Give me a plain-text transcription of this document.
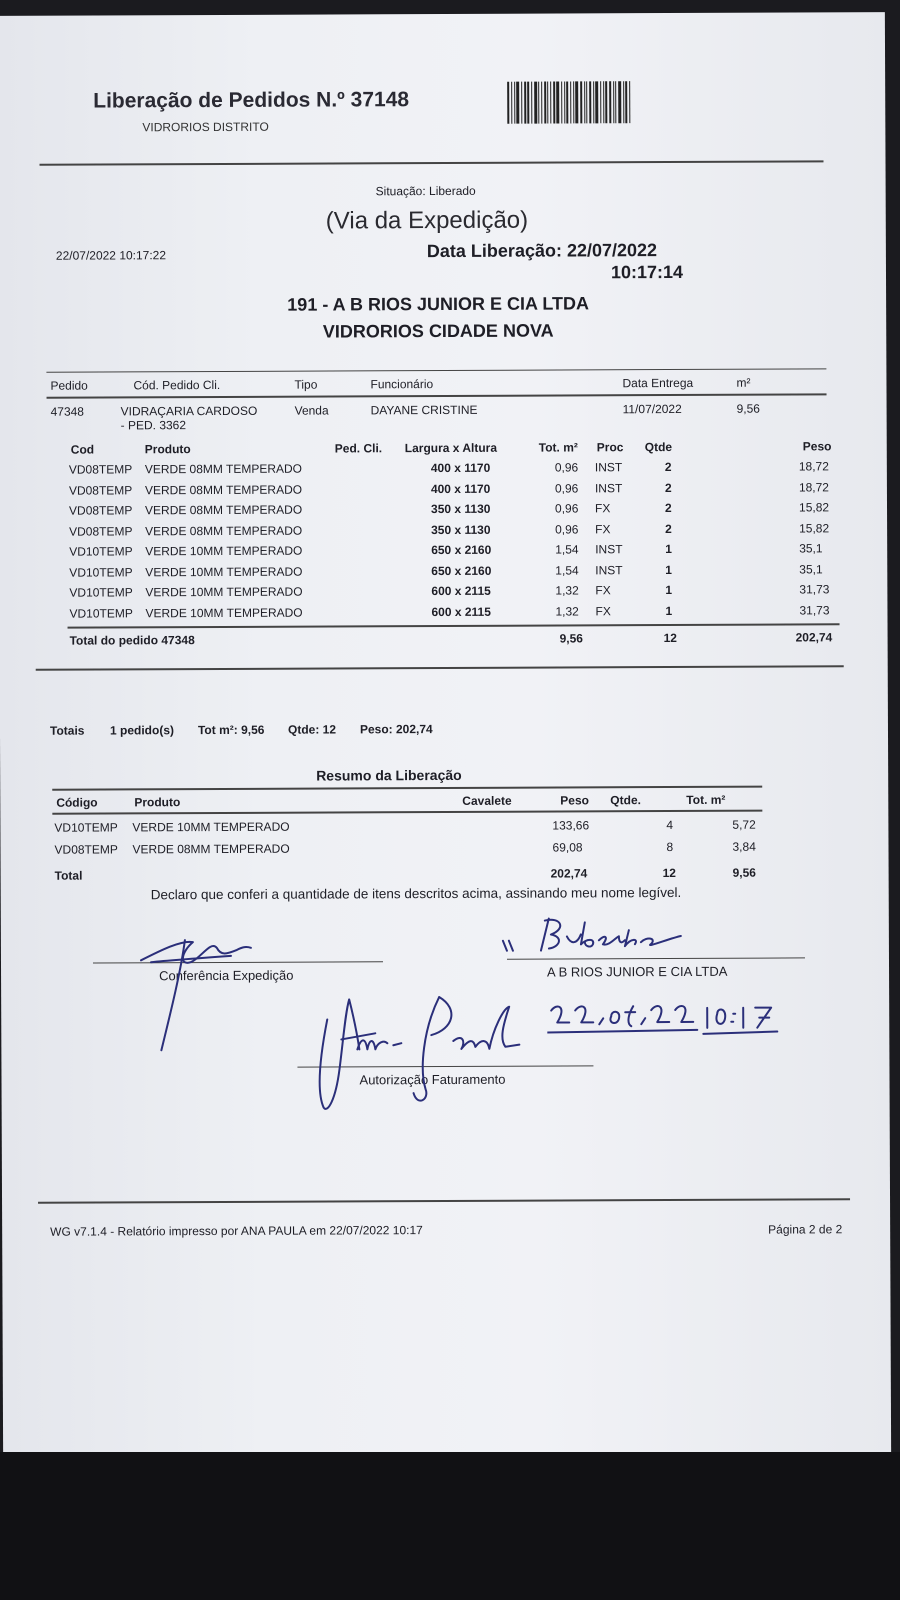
Liberação de Pedidos N.º 37148
VIDRORIOS DISTRITO
Situação: Liberado
(Via da Expedição)
22/07/2022 10:17:22	Data Liberação: 22/07/2022
10:17:14
191 - A B RIOS JUNIOR E CIA LTDA
VIDRORIOS CIDADE NOVA
Pedido	Cód. Pedido Cli.	Tipo	Funcionário	Data Entrega	m²
47348	VIDRAÇARIA CARDOSO	Venda	DAYANE CRISTINE	11/07/2022	9,56
- PED. 3362
Cod	Produto	Ped. Cli. Largura x Altura	Tot. m² Proc Qtde	Peso
VD08TEMP VERDE 08MM TEMPERADO	400 x 1170	0,96 INST	2	18,72
VD08TEMP VERDE 08MM TEMPERADO	400 x 1170	0,96 INST	2	18,72
VD08TEMP VERDE 08MM TEMPERADO	350 x 1130	0,96 FX	2	15,82
VD08TEMP VERDE 08MM TEMPERADO	350 x 1130	0,96 FX	2	15,82
VD10TEMP VERDE 10MM TEMPERADO	650 x 2160	1,54 INST	1	35,1
VD10TEMP VERDE 10MM TEMPERADO	650 x 2160	1,54 INST	1	35,1
VD10TEMP VERDE 10MM TEMPERADO	600 x 2115	1,32 FX	1	31,73
VD10TEMP VERDE 10MM TEMPERADO	600 x 2115	1,32 FX	1	31,73
Total do pedido 47348	9,56	12	202,74
Totais 1 pedido(s) Tot m²: 9,56 Qtde: 12 Peso: 202,74
Resumo da Liberação
Código	Produto	Cavalete	Peso Qtde.	Tot. m²
VD10TEMP VERDE 10MM TEMPERADO	133,66	4	5,72
VD08TEMP VERDE 08MM TEMPERADO	69,08	8	3,84
Total	202,74	12	9,56
Declaro que conferi a quantidade de itens descritos acima, assinando meu nome legível.
Conferência Expedição	A B RIOS JUNIOR E CIA LTDA
Autorização Faturamento
WG v7.1.4 - Relatório impresso por ANA PAULA em 22/07/2022 10:17	Página 2 de 2
